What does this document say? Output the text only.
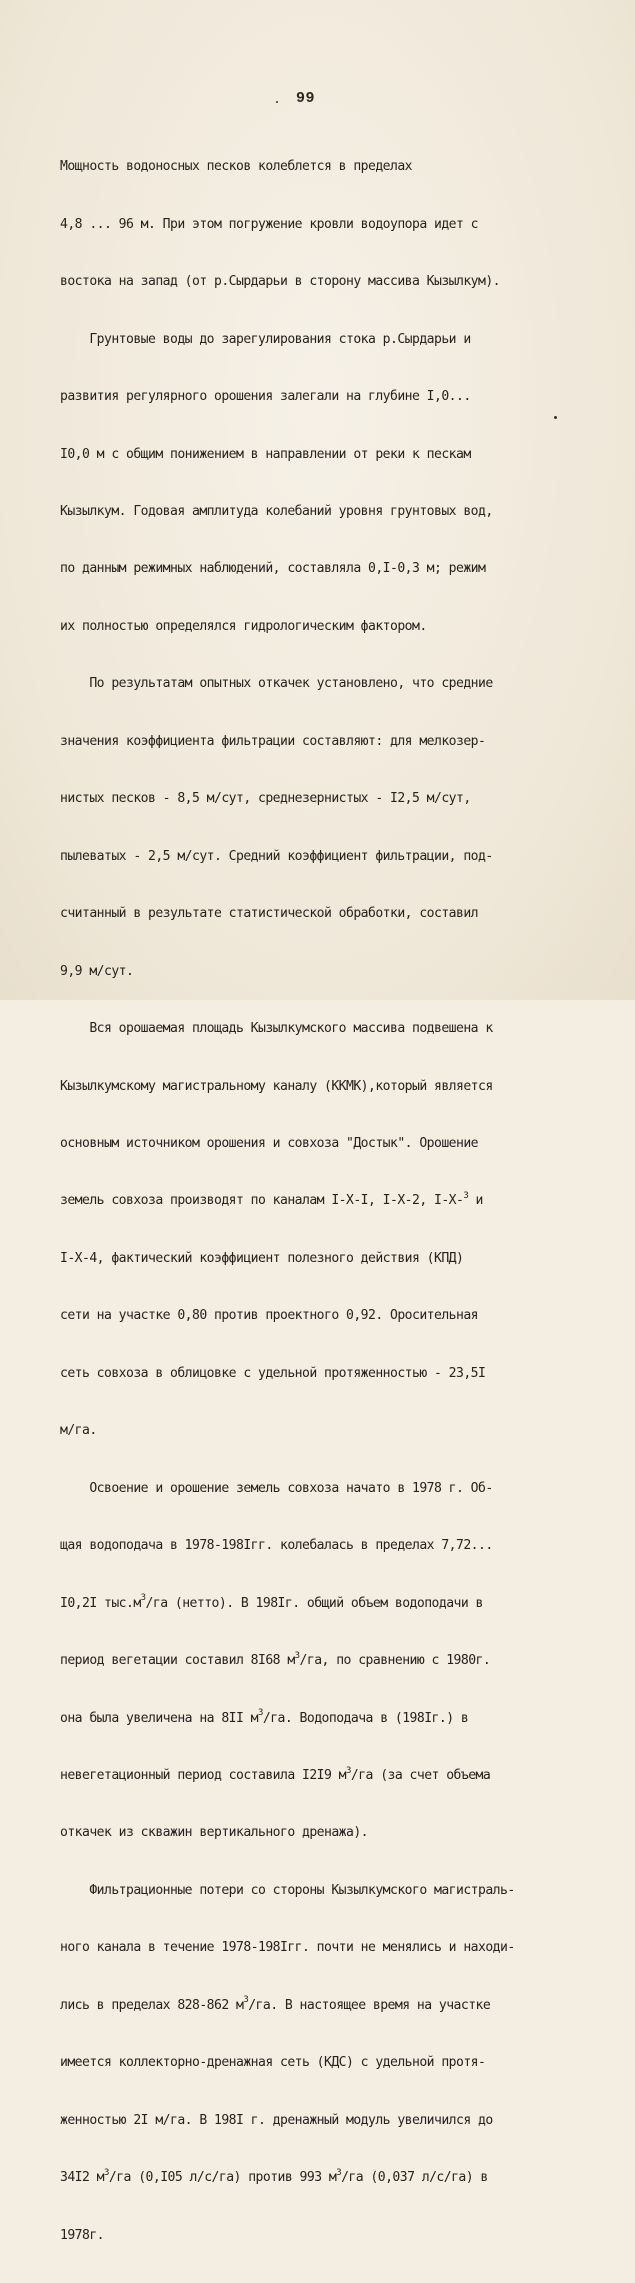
99

Мощность водоносных песков колеблется в пределах

4,8 ... 96 м. При этом погружение кровли водоупора идет с

востока на запад (от р.Сырдарьи в сторону массива Кызылкум).

Грунтовые воды до зарегулирования стока р.Сырдарьи и

развития регулярного орошения залегали на глубине I,0...

I0,0 м с общим понижением в направлении от реки к пескам

Кызылкум. Годовая амплитуда колебаний уровня грунтовых вод,

по данным режимных наблюдений, составляла 0,I-0,3 м; режим

их полностью определялся гидрологическим фактором.

По результатам опытных откачек установлено, что средние

значения коэффициента фильтрации составляют: для мелкозер-

нистых песков - 8,5 м/сут, среднезернистых - I2,5 м/сут,

пылеватых - 2,5 м/сут. Средний коэффициент фильтрации, под-

считанный в результате статистической обработки, составил

9,9 м/сут.

Вся орошаемая площадь Кызылкумского массива подвешена к

Кызылкумскому магистральному каналу (ККМК),который является

основным источником орошения и совхоза "Достык". Орошение

земель совхоза производят по каналам I-Х-I, I-Х-2, I-Х-$^3$ и

I-Х-4, фактический коэффициент полезного действия (КПД)

сети на участке 0,80 против проектного 0,92. Оросительная

сеть совхоза в облицовке с удельной протяженностью - 23,5I

м/га.

Освоение и орошение земель совхоза начато в 1978 г. Об-

щая водоподача в 1978-198Iгг. колебалась в пределах 7,72...

I0,2I $тыс.м^3/га$ (нетто). В 198Iг. общий объем водоподачи в

период вегетации составил 8I68 $м^3/га$, по сравнению с 1980г.

она была увеличена на 8II $м^3/га$. Водоподача в (198Iг.) в

невегетационный период составила I2I9 $м^3/га$ (за счет объема

откачек из скважин вертикального дренажа).

Фильтрационные потери со стороны Кызылкумского магистраль-

ного канала в течение 1978-198Iгг. почти не менялись и находи-

лись в пределах 828-862 $м^3/га$. В настоящее время на участке

имеется коллекторно-дренажная сеть (КДС) с удельной протя-

женностью 2I м/га. В 198I г. дренажный модуль увеличился до

34I2 $м^3/га$ (0,I05 л/с/га) против 993 $м^3/га$ (0,037 л/с/га) в

1978г.
